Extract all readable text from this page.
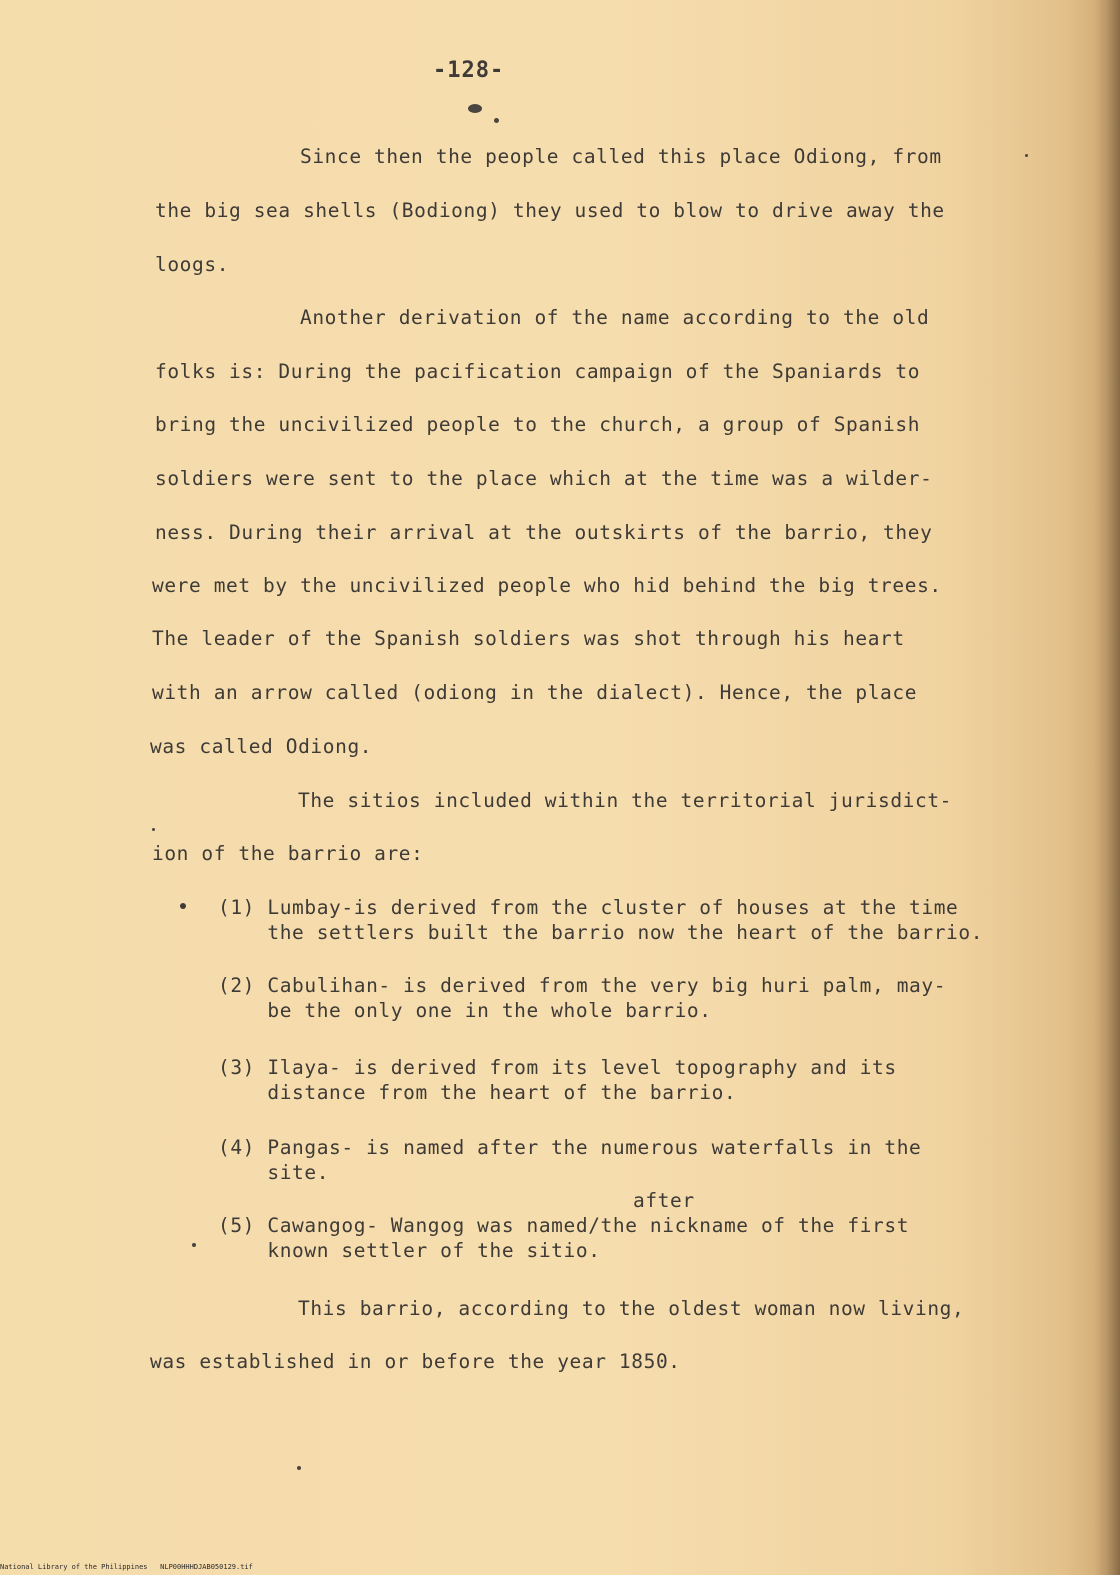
-128-
Since then the people called this place Odiong, from
the big sea shells (Bodiong) they used to blow to drive away the
loogs.
Another derivation of the name according to the old
folks is: During the pacification campaign of the Spaniards to
bring the uncivilized people to the church, a group of Spanish
soldiers were sent to the place which at the time was a wilder-
ness. During their arrival at the outskirts of the barrio, they
were met by the uncivilized people who hid behind the big trees.
The leader of the Spanish soldiers was shot through his heart
with an arrow called (odiong in the dialect). Hence, the place
was called Odiong.
The sitios included within the territorial jurisdict-
ion of the barrio are:
(1) Lumbay-is derived from the cluster of houses at the time
the settlers built the barrio now the heart of the barrio.
(2) Cabulihan- is derived from the very big huri palm, may-
be the only one in the whole barrio.
(3) Ilaya- is derived from its level topography and its
distance from the heart of the barrio.
(4) Pangas- is named after the numerous waterfalls in the
site.
after
(5) Cawangog- Wangog was named/the nickname of the first
known settler of the sitio.
This barrio, according to the oldest woman now living,
was established in or before the year 1850.
National Library of the Philippines   NLP00HHHDJAB050129.tif
